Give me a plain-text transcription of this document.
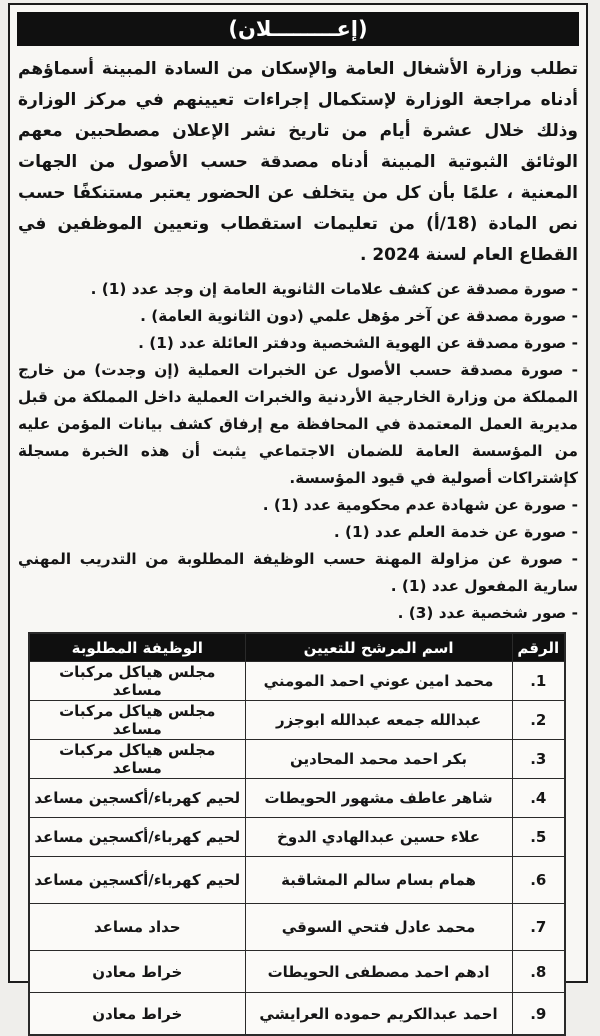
(إعـــــــــلان)

تطلب وزارة الأشغال العامة والإسكان من السادة المبينة أسماؤهم أدناه مراجعة الوزارة لإستكمال إجراءات تعيينهم في مركز الوزارة وذلك خلال عشرة أيام من تاريخ نشر الإعلان مصطحبين معهم الوثائق الثبوتية المبينة أدناه مصدقة حسب الأصول من الجهات المعنية ، علمًا بأن كل من يتخلف عن الحضور يعتبر مستنكفًا حسب نص المادة (18/أ) من تعليمات استقطاب وتعيين الموظفين في القطاع العام لسنة 2024 .

- صورة مصدقة عن كشف علامات الثانوية العامة إن وجد عدد (1) .
- صورة مصدقة عن آخر مؤهل علمي (دون الثانوية العامة) .
- صورة مصدقة عن الهوية الشخصية ودفتر العائلة عدد (1) .
- صورة مصدقة حسب الأصول عن الخبرات العملية (إن وجدت) من خارج المملكة من وزارة الخارجية الأردنية والخبرات العملية داخل المملكة من قبل مديرية العمل المعتمدة في المحافظة مع إرفاق كشف بيانات المؤمن عليه من المؤسسة العامة للضمان الاجتماعي يثبت أن هذه الخبرة مسجلة كإشتراكات أصولية في قيود المؤسسة.
- صورة عن شهادة عدم محكومية عدد (1) .
- صورة عن خدمة العلم عدد (1) .
- صورة عن مزاولة المهنة حسب الوظيفة المطلوبة من التدريب المهني سارية المفعول عدد (1) .
- صور شخصية عدد (3) .
الرقم	اسم المرشح للتعيين	الوظيفة المطلوبة
1.	محمد امين عوني احمد المومني	مجلس هياكل مركبات مساعد
2.	عبدالله جمعه عبدالله ابوجزر	مجلس هياكل مركبات مساعد
3.	بكر احمد محمد المحادين	مجلس هياكل مركبات مساعد
4.	شاهر عاطف مشهور الحويطات	لحيم كهرباء/أكسجين مساعد
5.	علاء حسين عبدالهادي الدوخ	لحيم كهرباء/أكسجين مساعد
6.	همام بسام سالم المشاقبة	لحيم كهرباء/أكسجين مساعد
7.	محمد عادل فتحي السوقي	حداد مساعد
8.	ادهم احمد مصطفى الحويطات	خراط معادن
9.	احمد عبدالكريم حموده العرايشي	خراط معادن
